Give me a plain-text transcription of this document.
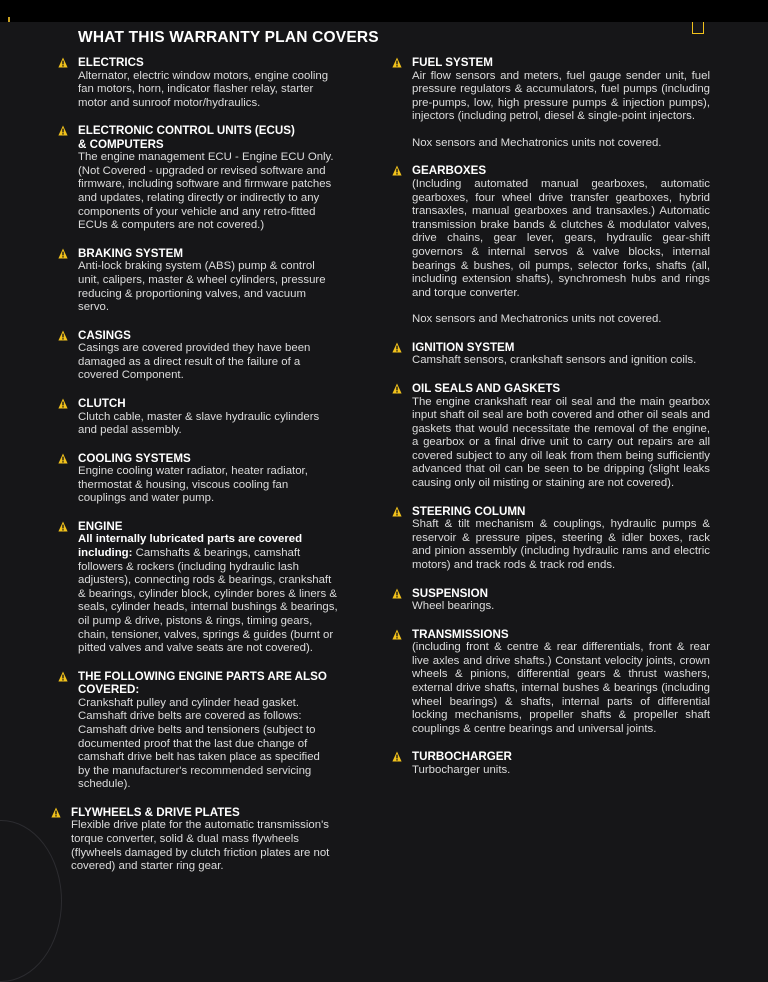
WHAT THIS WARRANTY PLAN COVERS
ELECTRICS

Alternator, electric window motors, engine cooling
fan motors, horn, indicator flasher relay, starter
motor and sunroof motor/hydraulics.

ELECTRONIC CONTROL UNITS (ECUS)
& COMPUTERS

The engine management ECU - Engine ECU Only.
(Not Covered - upgraded or revised software and
firmware, including software and firmware patches
and updates, relating directly or indirectly to any
components of your vehicle and any retro-fitted
ECUs & computers are not covered.)

BRAKING SYSTEM

Anti-lock braking system (ABS) pump & control
unit, calipers, master & wheel cylinders, pressure
reducing & proportioning valves, and vacuum
servo.

CASINGS

Casings are covered provided they have been
damaged as a direct result of the failure of a
covered Component.

CLUTCH

Clutch cable, master & slave hydraulic cylinders
and pedal assembly.

COOLING SYSTEMS

Engine cooling water radiator, heater radiator,
thermostat & housing, viscous cooling fan
couplings and water pump.

ENGINE

All internally lubricated parts are covered
including: Camshafts & bearings, camshaft
followers & rockers (including hydraulic lash
adjusters), connecting rods & bearings, crankshaft
& bearings, cylinder block, cylinder bores & liners &
seals, cylinder heads, internal bushings & bearings,
oil pump & drive, pistons & rings, timing gears,
chain, tensioner, valves, springs & guides (burnt or
pitted valves and valve seats are not covered).

THE FOLLOWING ENGINE PARTS ARE ALSO
COVERED:

Crankshaft pulley and cylinder head gasket.
Camshaft drive belts are covered as follows:
Camshaft drive belts and tensioners (subject to
documented proof that the last due change of
camshaft drive belt has taken place as specified
by the manufacturer's recommended servicing
schedule).

FLYWHEELS & DRIVE PLATES

Flexible drive plate for the automatic transmission's
torque converter, solid & dual mass flywheels
(flywheels damaged by clutch friction plates are not
covered) and starter ring gear.

FUEL SYSTEM

Air flow sensors and meters, fuel gauge sender unit, fuel pressure regulators & accumulators, fuel pumps (including pre-pumps, low, high pressure pumps & injection pumps), injectors (including petrol, diesel & single-point injectors.

Nox sensors and Mechatronics units not covered.

GEARBOXES

(Including automated manual gearboxes, automatic gearboxes, four wheel drive transfer gearboxes, hybrid transaxles, manual gearboxes and transaxles.) Automatic transmission brake bands & clutches & modulator valves, drive chains, gear lever, gears, hydraulic gear-shift governors & internal servos & valve blocks, internal bearings & bushes, oil pumps, selector forks, shafts (all, including extension shafts), synchromesh hubs and rings and torque converter.

Nox sensors and Mechatronics units not covered.

IGNITION SYSTEM

Camshaft sensors, crankshaft sensors and ignition coils.

OIL SEALS AND GASKETS

The engine crankshaft rear oil seal and the main gearbox input shaft oil seal are both covered and other oil seals and gaskets that would necessitate the removal of the engine, a gearbox or a final drive unit to carry out repairs are all covered subject to any oil leak from them being sufficiently advanced that oil can be seen to be dripping (slight leaks causing only oil misting or staining are not covered).

STEERING COLUMN

Shaft & tilt mechanism & couplings, hydraulic pumps & reservoir & pressure pipes, steering & idler boxes, rack and pinion assembly (including hydraulic rams and electric motors) and track rods & track rod ends.

SUSPENSION

Wheel bearings.

TRANSMISSIONS

(including front & centre & rear differentials, front & rear live axles and drive shafts.) Constant velocity joints, crown wheels & pinions, differential gears & thrust washers, external drive shafts, internal bushes & bearings (including wheel bearings) & shafts, internal parts of differential locking mechanisms, propeller shafts & propeller shaft couplings & centre bearings and universal joints.

TURBOCHARGER

Turbocharger units.
